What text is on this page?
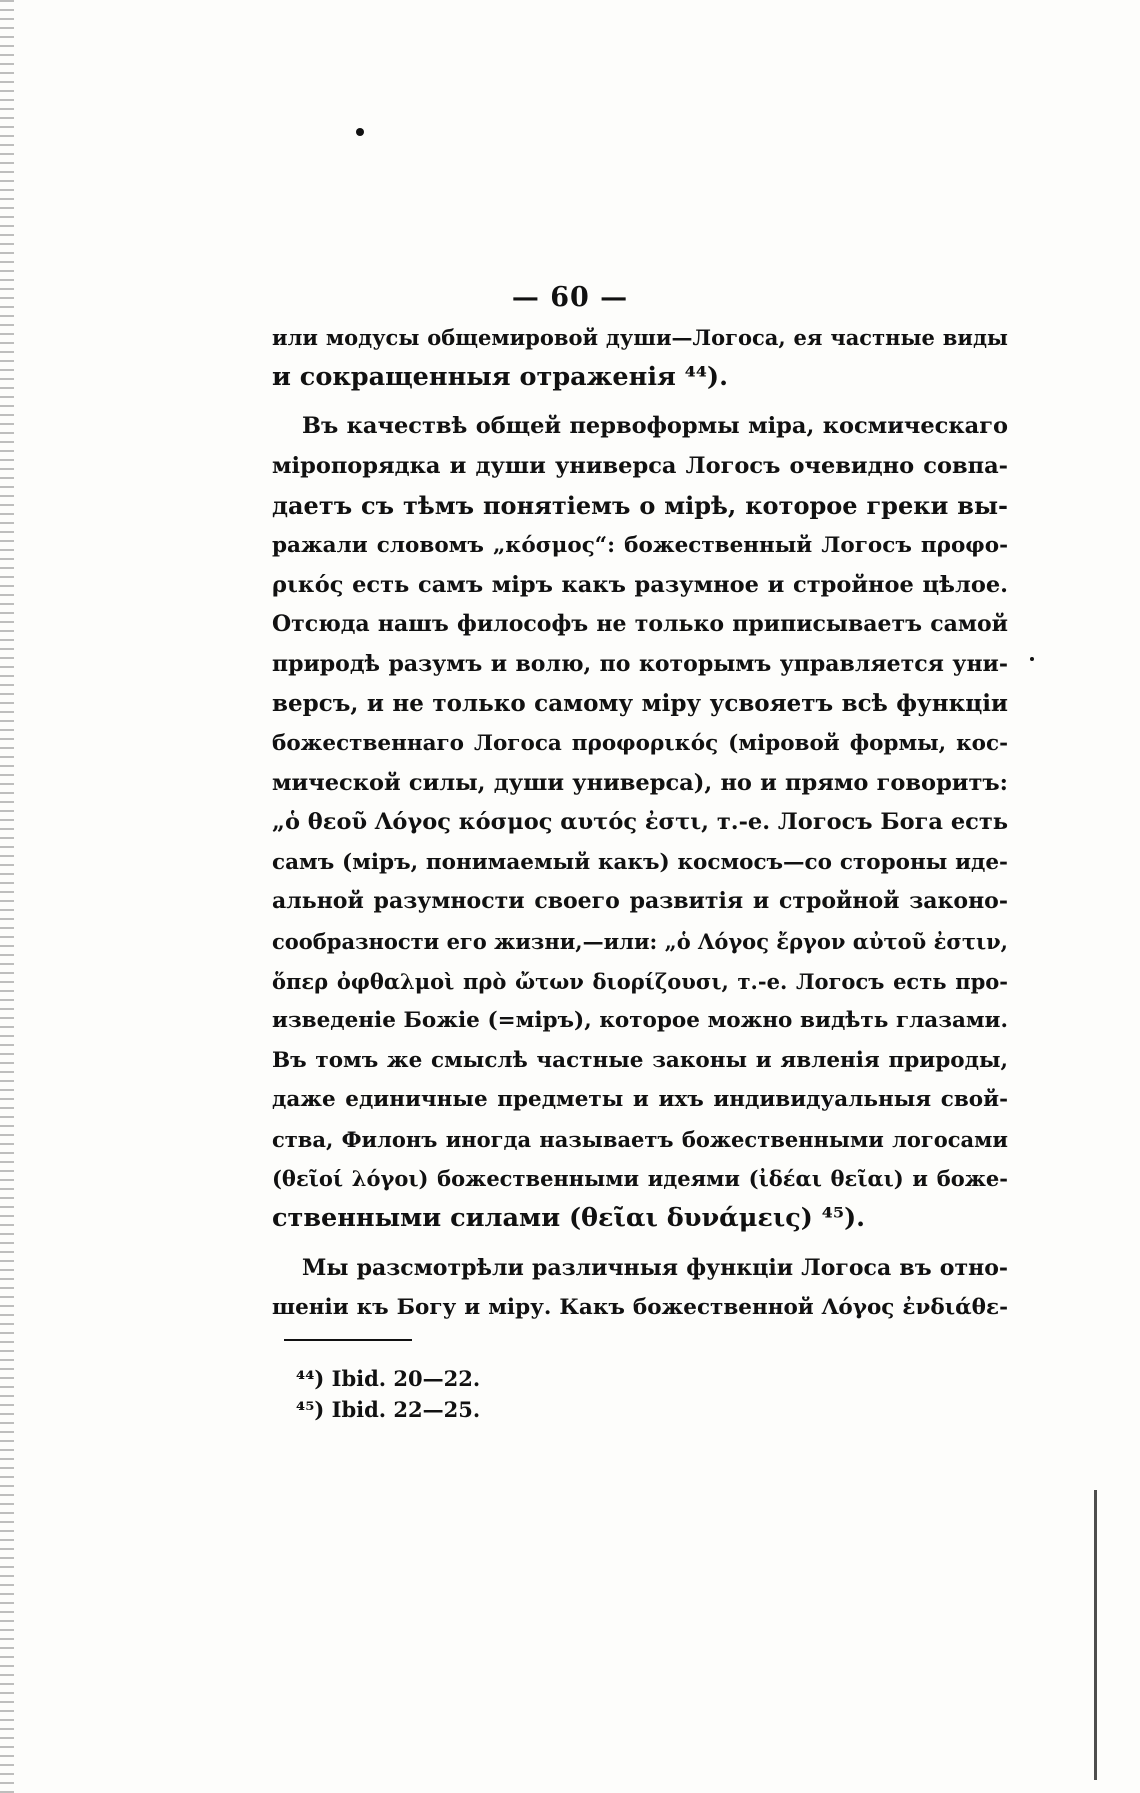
— 60 —
или модусы общемировой души—Логоса, ея частные виды
и сокращенныя отраженія ⁴⁴).
Въ качествѣ общей первоформы міра, космическаго
міропорядка и души универса Логосъ очевидно совпа-
даетъ съ тѣмъ понятіемъ о мірѣ, которое греки вы-
ражали словомъ „κόσμος“: божественный Логосъ προφο-
ρικός есть самъ міръ какъ разумное и стройное цѣлое.
Отсюда нашъ философъ не только приписываетъ самой
природѣ разумъ и волю, по которымъ управляется уни-
версъ, и не только самому міру усвояетъ всѣ функціи
божественнаго Логоса προφορικός (міровой формы, кос-
мической силы, души универса), но и прямо говоритъ:
„ὁ θεοῦ Λόγος κόσμος αυτός ἐστι, т.-е. Логосъ Бога есть
самъ (міръ, понимаемый какъ) космосъ—со стороны иде-
альной разумности своего развитія и стройной законо-
сообразности его жизни,—или: „ὁ Λόγος ἔργον αὐτοῦ ἐστιν,
ὅπερ ὀφθαλμοὶ πρὸ ὤτων διορίζουσι, т.-е. Логосъ есть про-
изведеніе Божіе (=міръ), которое можно видѣть глазами.
Въ томъ же смыслѣ частные законы и явленія природы,
даже единичные предметы и ихъ индивидуальныя свой-
ства, Филонъ иногда называетъ божественными логосами
(θεῖοί λόγοι) божественными идеями (ἰδέαι θεῖαι) и боже-
ственными силами (θεῖαι δυνάμεις) ⁴⁵).
Мы разсмотрѣли различныя функціи Логоса въ отно-
шеніи къ Богу и міру. Какъ божественной Λόγος ἐνδιάθε-
⁴⁴) Ibid. 20—22.
⁴⁵) Ibid. 22—25.
